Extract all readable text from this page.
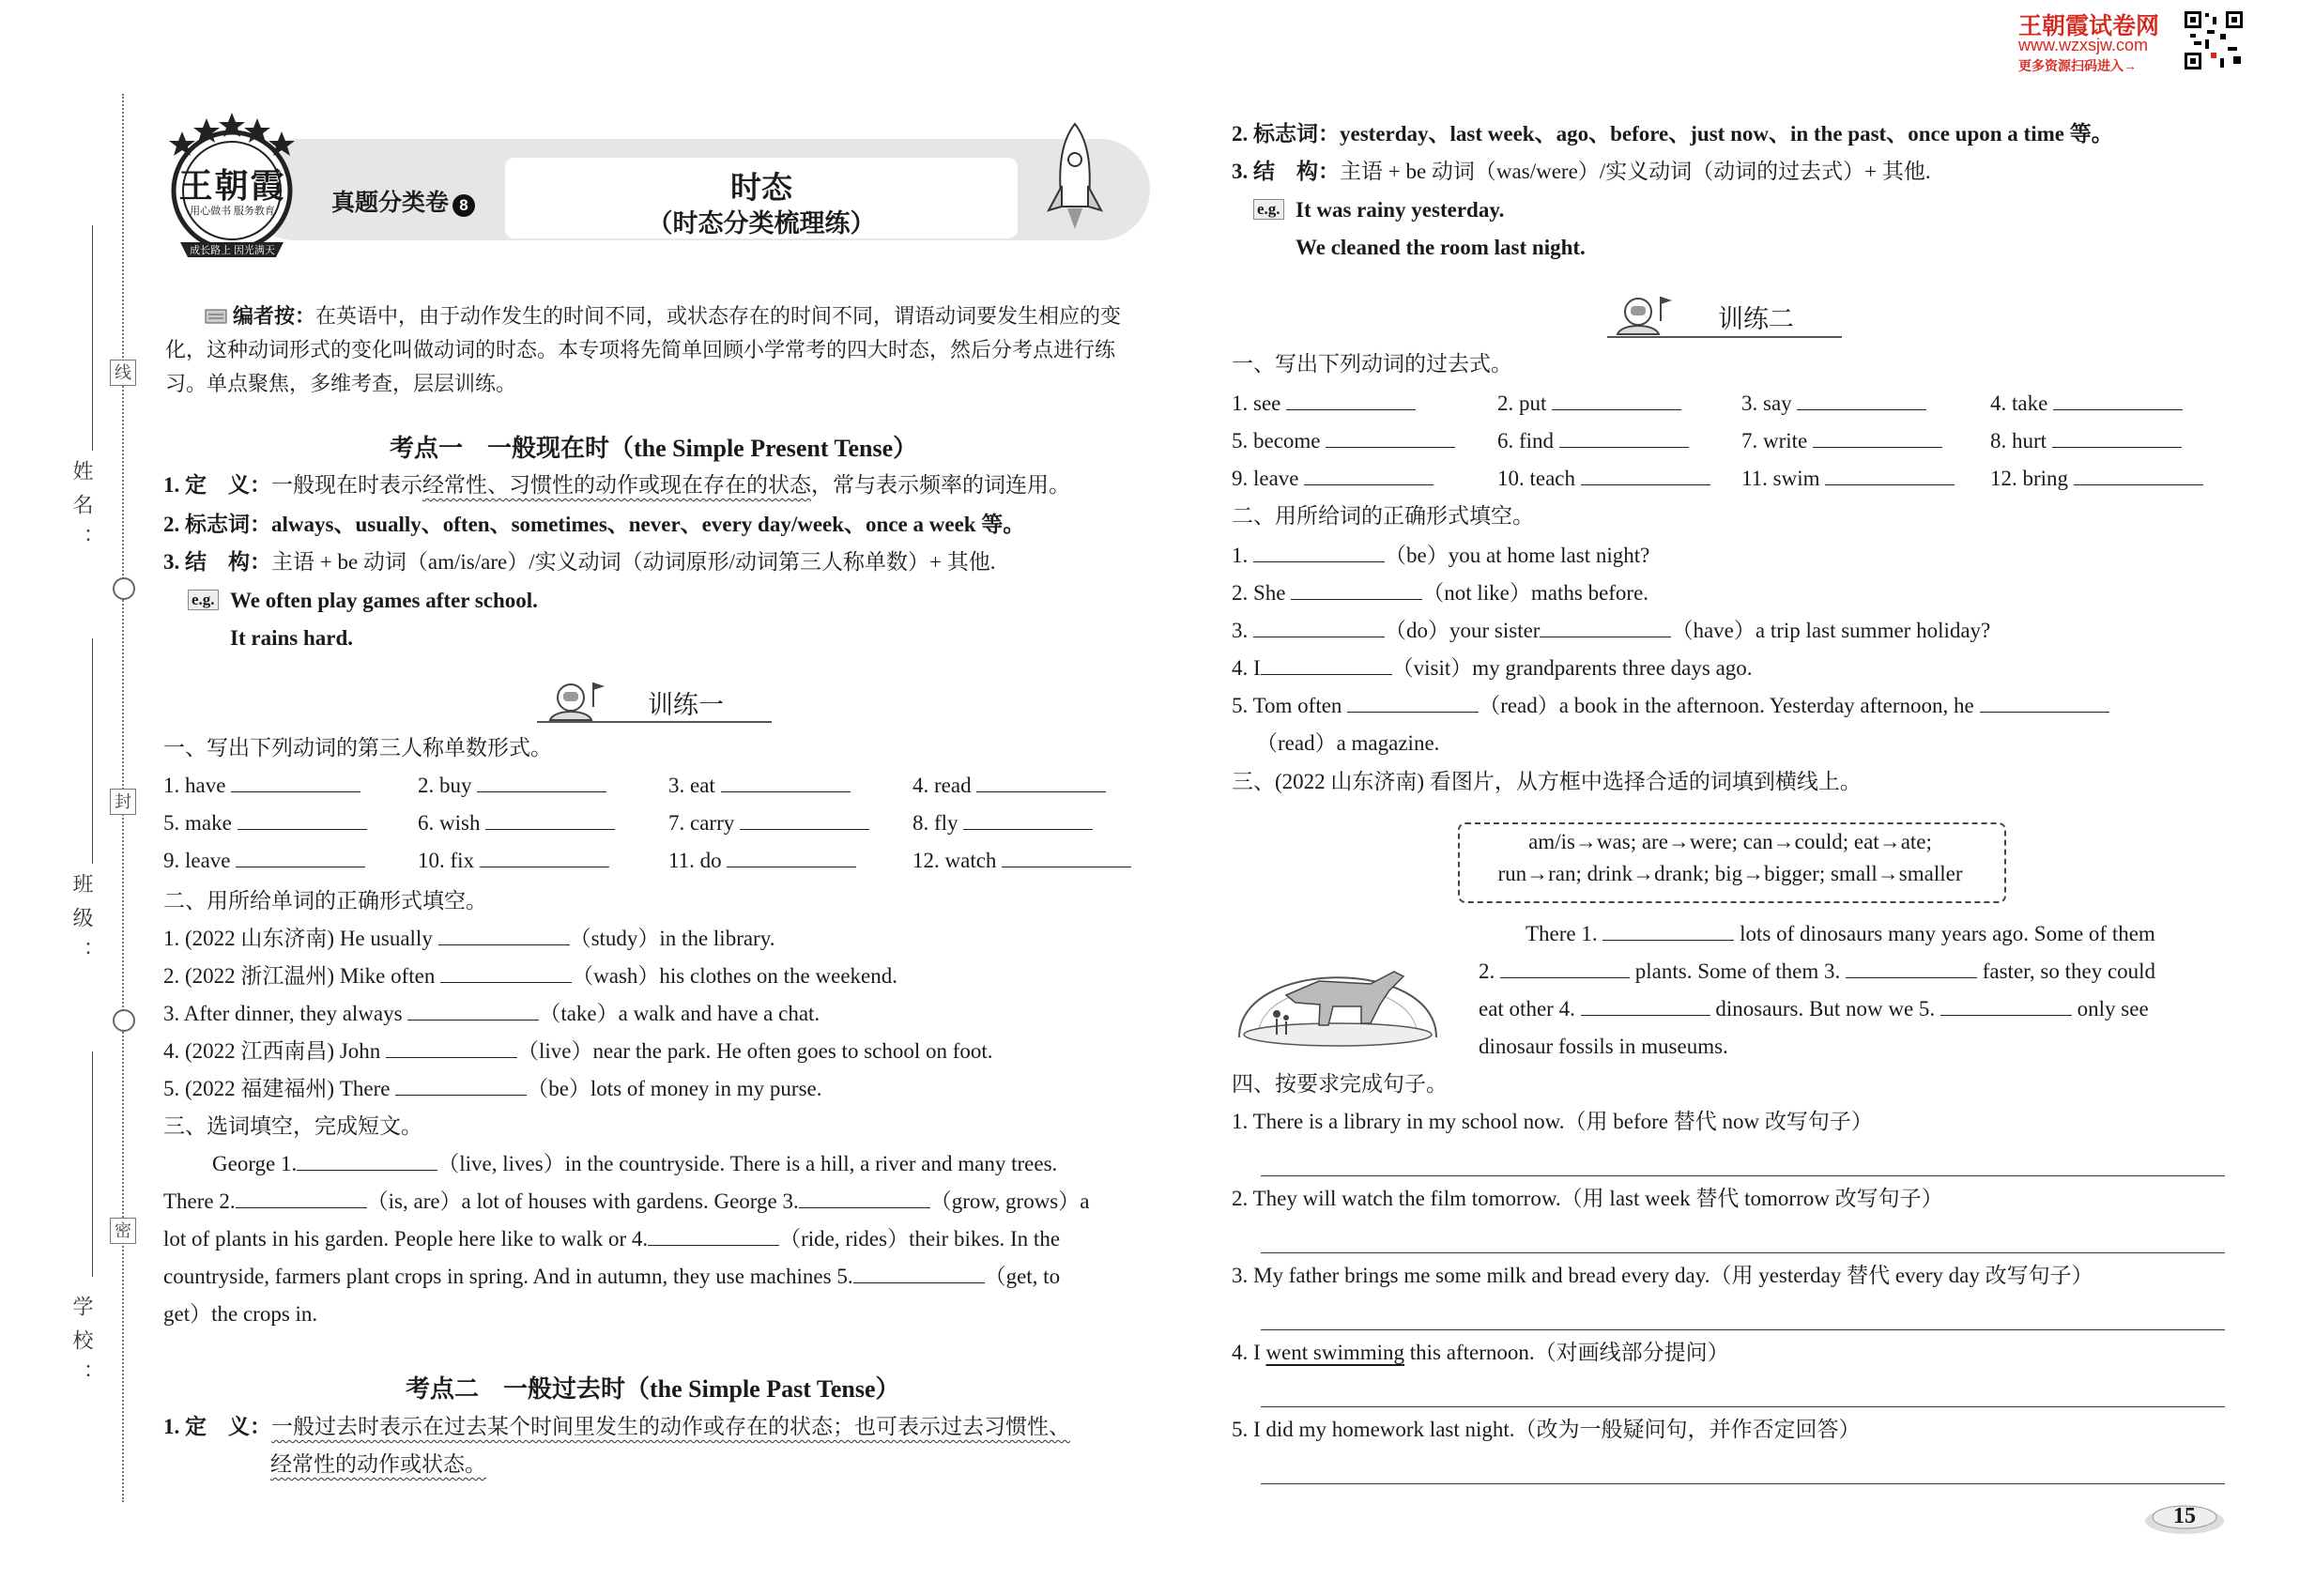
王朝霞试卷网
www.wzxsjw.com
更多资源扫码进入→
线
封
密
姓名：
班级：
学校：
王朝霞
用心做书 服务教育
成长路上 因光满天
真题分类卷 8	时态
（时态分类梳理练）
编者按：在英语中，由于动作发生的时间不同，或状态存在的时间不同，谓语动词要发生相应的变
化，这种动词形式的变化叫做动词的时态。本专项将先简单回顾小学常考的四大时态，然后分考点进行练
习。单点聚焦，多维考查，层层训练。
考点一　一般现在时（the Simple Present Tense）
1. 定　义：一般现在时表示经常性、习惯性的动作或现在存在的状态，常与表示频率的词连用。
2. 标志词：always、usually、often、sometimes、never、every day/week、once a week 等。
3. 结　构：主语 + be 动词（am/is/are）/实义动词（动词原形/动词第三人称单数）+ 其他.
e.g. We often play games after school.
It rains hard.
训练一
一、写出下列动词的第三人称单数形式。
1. have	2. buy	3. eat	4. read
5. make	6. wish	7. carry	8. fly
9. leave	10. fix	11. do	12. watch
二、用所给单词的正确形式填空。
1. (2022 山东济南) He usually	（study）in the library.
2. (2022 浙江温州) Mike often	（wash）his clothes on the weekend.
3. After dinner, they always	（take）a walk and have a chat.
4. (2022 江西南昌) John	（live）near the park. He often goes to school on foot.
5. (2022 福建福州) There	（be）lots of money in my purse.
三、选词填空，完成短文。
George 1.	（live, lives）in the countryside. There is a hill, a river and many trees.
There 2.	（is, are）a lot of houses with gardens. George 3.	（grow, grows）a
lot of plants in his garden. People here like to walk or 4.	（ride, rides）their bikes. In the
countryside, farmers plant crops in spring. And in autumn, they use machines 5.	（get, to
get）the crops in.
考点二　一般过去时（the Simple Past Tense）
1. 定　义：一般过去时表示在过去某个时间里发生的动作或存在的状态；也可表示过去习惯性、
经常性的动作或状态。
2. 标志词：yesterday、last week、ago、before、just now、in the past、once upon a time 等。
3. 结　构：主语 + be 动词（was/were）/实义动词（动词的过去式）+ 其他.
e.g. It was rainy yesterday.
We cleaned the room last night.
训练二
一、写出下列动词的过去式。
1. see	2. put	3. say	4. take
5. become	6. find	7. write	8. hurt
9. leave	10. teach	11. swim	12. bring
二、用所给词的正确形式填空。
1.	（be）you at home last night?
2. She	（not like）maths before.
3.	（do）your sister	（have）a trip last summer holiday?
4. I	（visit）my grandparents three days ago.
5. Tom often	（read）a book in the afternoon. Yesterday afternoon, he
（read）a magazine.
三、(2022 山东济南) 看图片，从方框中选择合适的词填到横线上。
am/is→was; are→were; can→could; eat→ate;
run→ran; drink→drank; big→bigger; small→smaller
There 1.	lots of dinosaurs many years ago. Some of them
2.	plants. Some of them 3.	faster, so they could
eat other 4.	dinosaurs. But now we 5.	only see
dinosaur fossils in museums.
四、按要求完成句子。
1. There is a library in my school now.（用 before 替代 now 改写句子）
2. They will watch the film tomorrow.（用 last week 替代 tomorrow 改写句子）
3. My father brings me some milk and bread every day.（用 yesterday 替代 every day 改写句子）
4. I went swimming this afternoon.（对画线部分提问）
5. I did my homework last night.（改为一般疑问句，并作否定回答）
15
